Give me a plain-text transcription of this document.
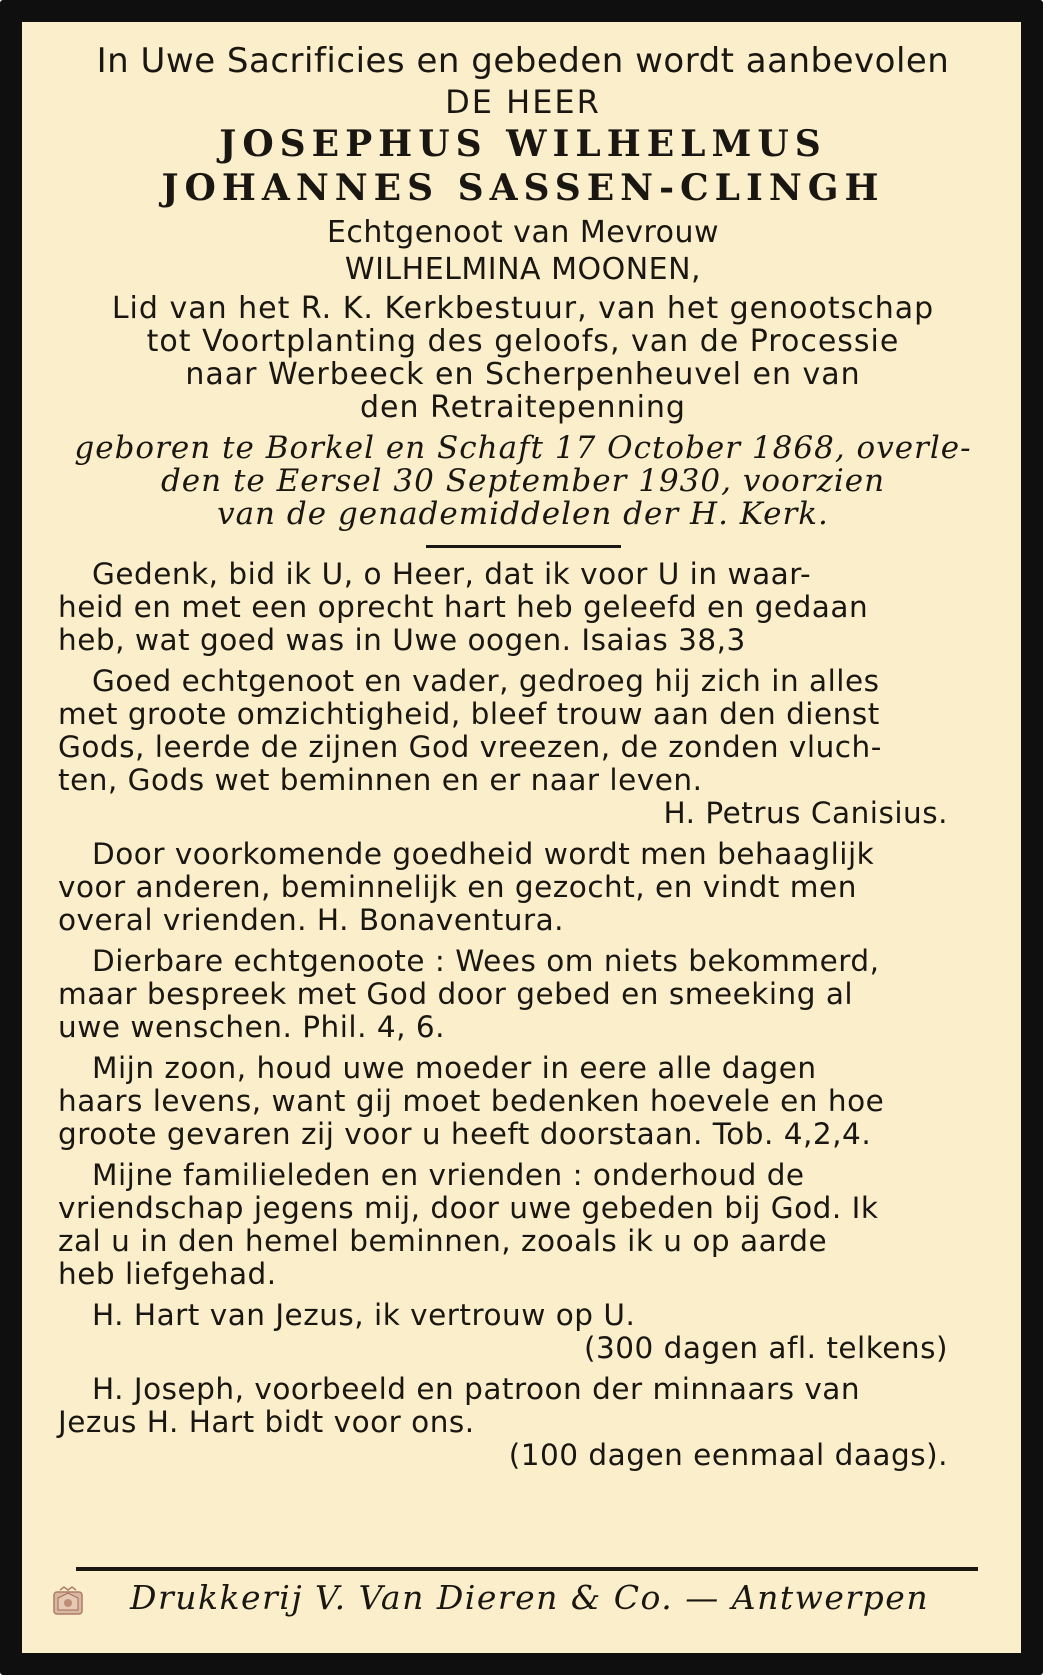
In Uwe Sacrificies en gebeden wordt aanbevolen
DE HEER
JOSEPHUS WILHELMUS
JOHANNES SASSEN-CLINGH
Echtgenoot van Mevrouw
WILHELMINA MOONEN,
Lid van het R. K. Kerkbestuur, van het genootschap
tot Voortplanting des geloofs, van de Processie
naar Werbeeck en Scherpenheuvel en van
den Retraitepenning
geboren te Borkel en Schaft 17 October 1868, overle-
den te Eersel 30 September 1930, voorzien
van de genademiddelen der H. Kerk.
Gedenk, bid ik U, o Heer, dat ik voor U in waar-
heid en met een oprecht hart heb geleefd en gedaan
heb, wat goed was in Uwe oogen. Isaias 38,3
Goed echtgenoot en vader, gedroeg hij zich in alles
met groote omzichtigheid, bleef trouw aan den dienst
Gods, leerde de zijnen God vreezen, de zonden vluch-
ten, Gods wet beminnen en er naar leven.
H. Petrus Canisius.
Door voorkomende goedheid wordt men behaaglijk
voor anderen, beminnelijk en gezocht, en vindt men
overal vrienden. H. Bonaventura.
Dierbare echtgenoote : Wees om niets bekommerd,
maar bespreek met God door gebed en smeeking al
uwe wenschen. Phil. 4, 6.
Mijn zoon, houd uwe moeder in eere alle dagen
haars levens, want gij moet bedenken hoevele en hoe
groote gevaren zij voor u heeft doorstaan. Tob. 4,2,4.
Mijne familieleden en vrienden : onderhoud de
vriendschap jegens mij, door uwe gebeden bij God. Ik
zal u in den hemel beminnen, zooals ik u op aarde
heb liefgehad.
H. Hart van Jezus, ik vertrouw op U.
(300 dagen afl. telkens)
H. Joseph, voorbeeld en patroon der minnaars van
Jezus H. Hart bidt voor ons.
(100 dagen eenmaal daags).
Drukkerij V. Van Dieren & Co. — Antwerpen
